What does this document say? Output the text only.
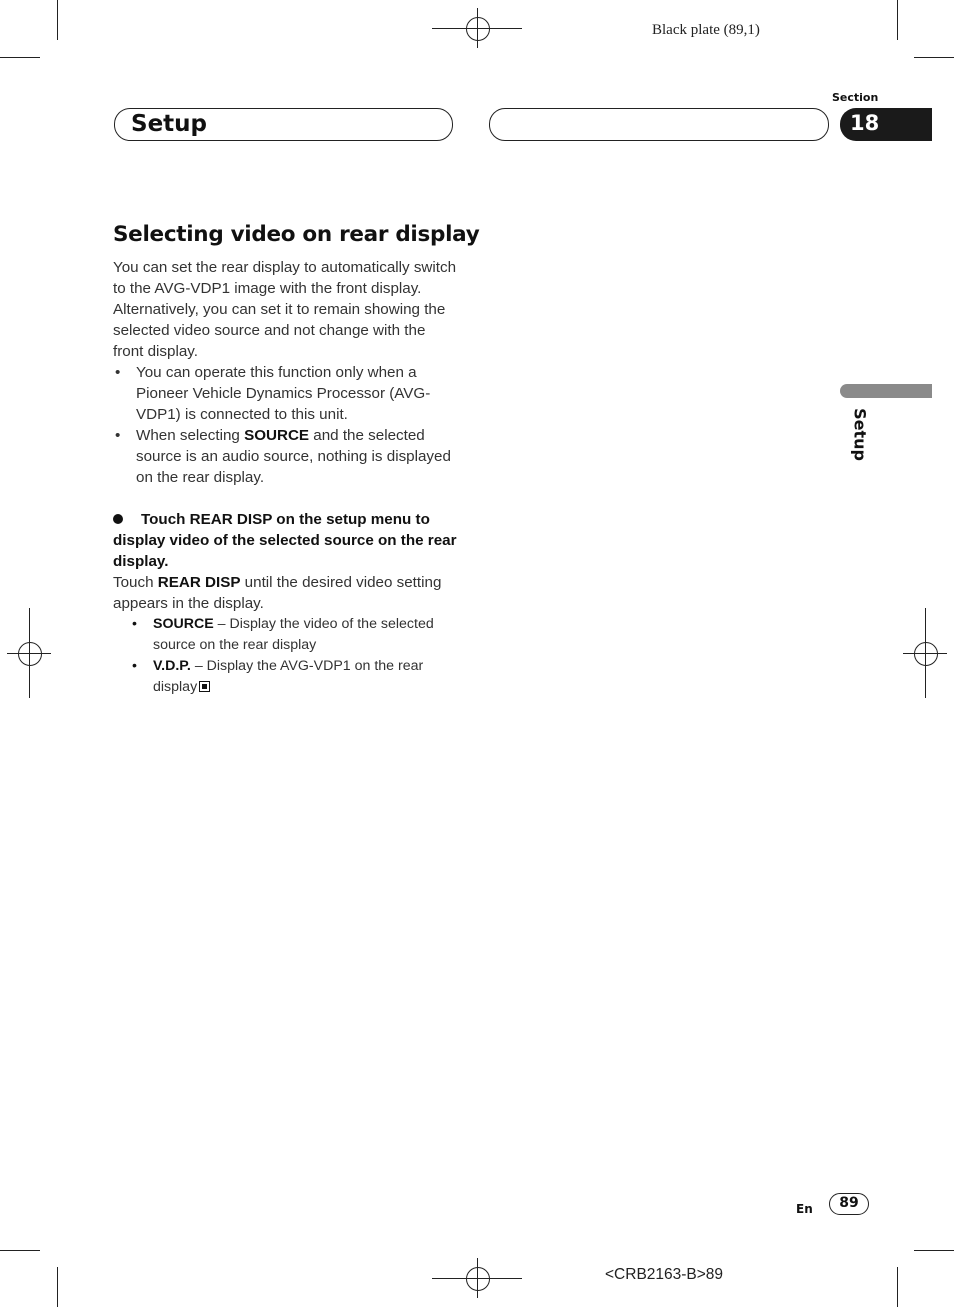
Black plate (89,1)
Setup
Section
18
Setup
Selecting video on rear display

You can set the rear display to automatically switch to the AVG-VDP1 image with the front display. Alternatively, you can set it to remain showing the selected video source and not change with the front display.

• You can operate this function only when a Pioneer Vehicle Dynamics Processor (AVG-VDP1) is connected to this unit.
• When selecting SOURCE and the selected source is an audio source, nothing is displayed on the rear display.
Touch REAR DISP on the setup menu to display video of the selected source on the rear display.

Touch REAR DISP until the desired video setting appears in the display.

• SOURCE – Display the video of the selected source on the rear display
• V.D.P. – Display the AVG-VDP1 on the rear display
En	89
<CRB2163-B>89
